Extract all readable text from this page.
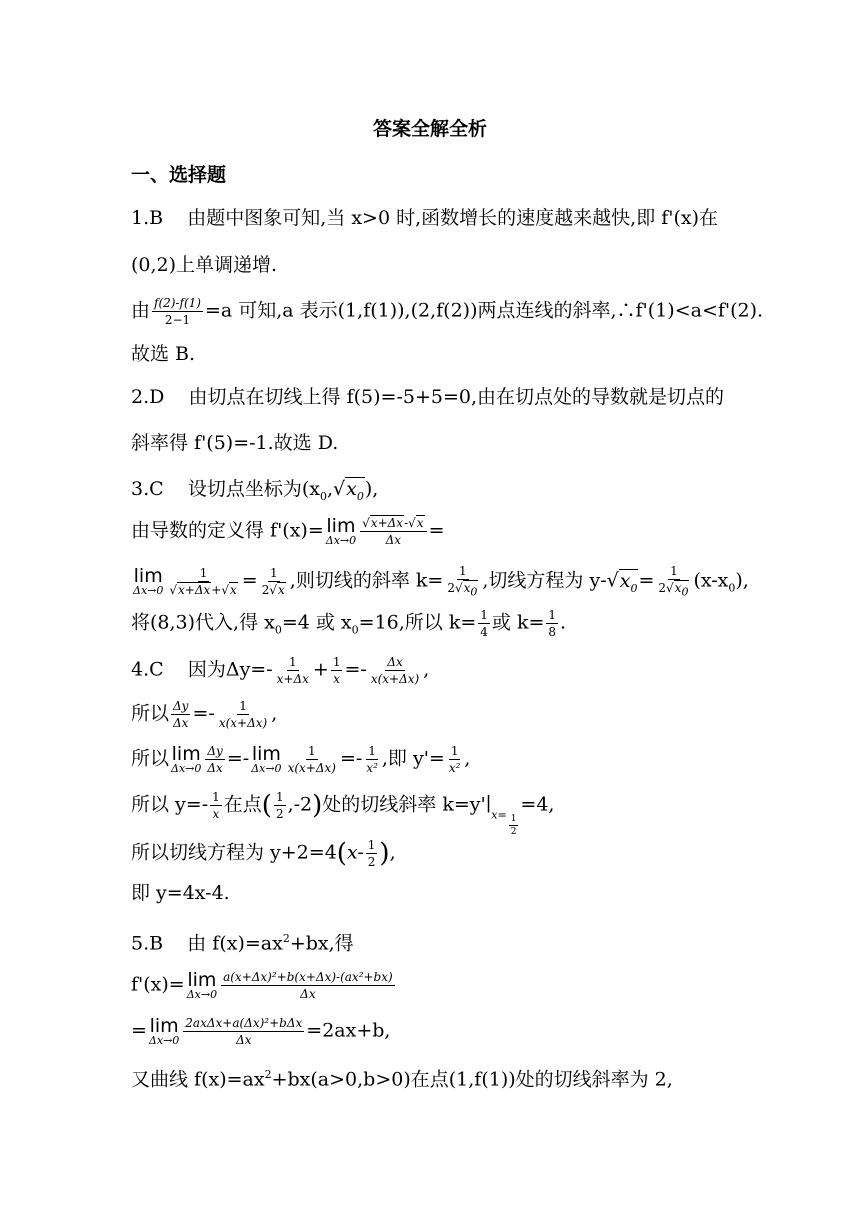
答案全解全析
一、选择题
1.B 由题中图象可知,当 x>0 时,函数增长的速度越来越快,即 f'(x)在
(0,2)上单调递增.
由 $\frac{f(2)-f(1)}{2-1} =a$ 可知,a 表示(1,f(1)),(2,f(2))两点连线的斜率,∴f'(1)<a<f'(2).
故选 B.
2.D 由切点在切线上得 f(5)=-5+5=0,由在切点处的导数就是切点的
斜率得 f'(5)=-1.故选 D.
3.C 设切点坐标为$(x_0,√x_0)$,
由导数的定义得 f'(x)= lim
$\Delta x\to 0 \frac{√x+\Delta x-√x}{\Delta x}$ =
lim
$\Delta x\to 0 \frac{1}{√x+\Delta x+√x} = \frac{1}{2√x}$ ,则切线的斜率 $k= \frac{1}{2√x_0}$ ,切线方程为 $y-√x_0= \frac{1}{2√x_0} (x-x_0)$,
将(8,3)代入,得 $x_0=4$ 或 $x_0=16$,所以 $k= \frac{1}{4}$ 或 $k= \frac{1}{8}$ .
4.C 因为$\Delta y=- \frac{1}{x+\Delta x} + \frac{1}{x} =- \frac{\Delta x}{x(x+\Delta x)}$ ,
所以 $\frac{\Delta y}{\Delta x} =- \frac{1}{x(x+\Delta x)}$ ,
所以 lim
$\Delta x\to 0 \frac{\Delta y}{\Delta x} =- \lim$
$\Delta x\to 0 \frac{1}{x(x+\Delta x)} =- \frac{1}{\text{x²}}$ ,即 $y'= \frac{1}{\text{x²}}$ ,
所以 $y=- \frac{1}{x}$ 在点( $\frac{1}{2} ,-2$)处的切线斜率 $k=y'∣_{x=} \frac{1}{2}$
=4,
所以切线方程为 $y+2=4(x- \frac{1}{2}$ ),
即 y=4x-4.
5.B 由 $f(x)=ax^2+bx$,得
f'(x)= lim
$\Delta x\to 0 \frac{\text{a(x+Δx)²+b(x+Δx)-(ax²+bx)}}{\Delta x}$
= lim
$\Delta x\to 0 \frac{\text{2axΔx+a(Δx)²+bΔx}}{\Delta x} =2ax+b$,
又曲线 $f(x)=ax^2+bx(a>0,b>0)$在点(1,f(1))处的切线斜率为 2,
